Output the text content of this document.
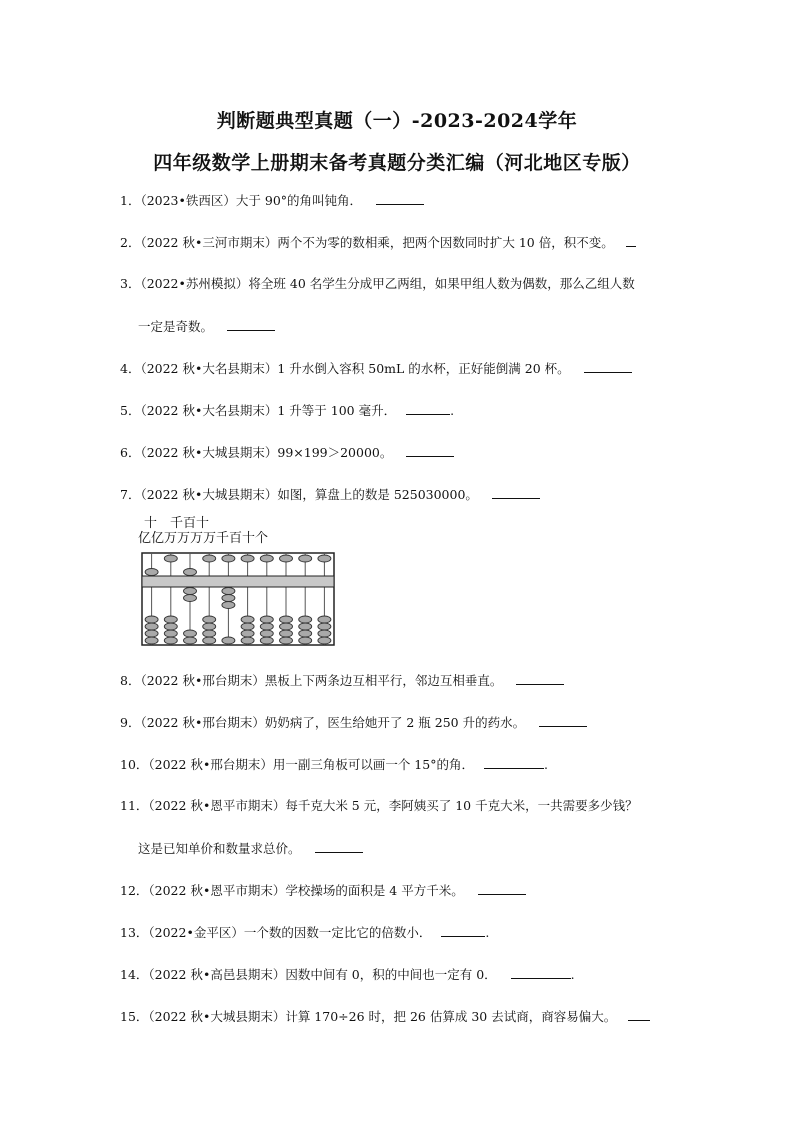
判断题典型真题（一）-2023-2024学年
四年级数学上册期末备考真题分类汇编（河北地区专版）
1．（2023•铁西区）大于 90°的角叫钝角．
2．（2022 秋•三河市期末）两个不为零的数相乘，把两个因数同时扩大 10 倍，积不变。
3．（2022•苏州模拟）将全班 40 名学生分成甲乙两组，如果甲组人数为偶数，那么乙组人数
一定是奇数。
4．（2022 秋•大名县期末）1 升水倒入容积 50mL 的水杯，正好能倒满 20 杯。
5．（2022 秋•大名县期末）1 升等于 100 毫升．	.
6．（2022 秋•大城县期末）99×199＞20000。
7．（2022 秋•大城县期末）如图，算盘上的数是 525030000。
十　千百十
亿亿万万万万千百十个
8．（2022 秋•邢台期末）黑板上下两条边互相平行，邻边互相垂直。
9．（2022 秋•邢台期末）奶奶病了，医生给她开了 2 瓶 250 升的药水。
10．（2022 秋•邢台期末）用一副三角板可以画一个 15°的角．	.
11．（2022 秋•恩平市期末）每千克大米 5 元，李阿姨买了 10 千克大米，一共需要多少钱？
这是已知单价和数量求总价。
12．（2022 秋•恩平市期末）学校操场的面积是 4 平方千米。
13．（2022•金平区）一个数的因数一定比它的倍数小．	.
14．（2022 秋•高邑县期末）因数中间有 0，积的中间也一定有 0．	.
15．（2022 秋•大城县期末）计算 170÷26 时，把 26 估算成 30 去试商，商容易偏大。
